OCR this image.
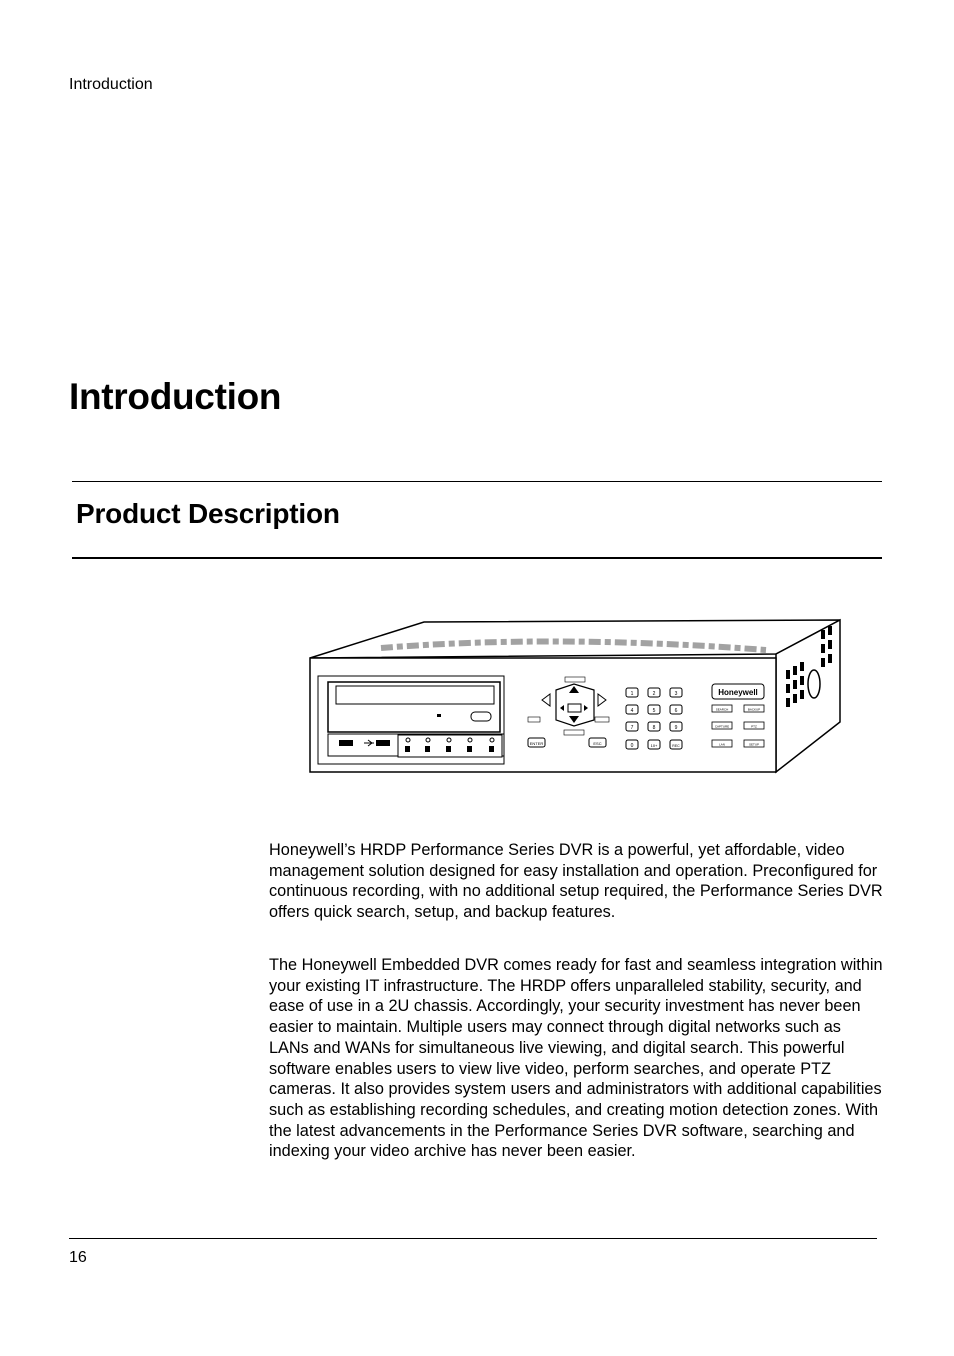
Introduction
Introduction
Product Description
ENTER	ESC
1	2	3
4	5	6
7	8	9
0	10+	REC
Honeywell
SEARCH	BACKUP
CAPTURE	PTZ
LAN	SETUP

Honeywell’s HRDP Performance Series DVR is a powerful, yet affordable, video management solution designed for easy installation and operation. Preconfigured for continuous recording, with no additional setup required, the Performance Series DVR offers quick search, setup, and backup features.

The Honeywell Embedded DVR comes ready for fast and seamless integration within your existing IT infrastructure. The HRDP offers unparalleled stability, security, and ease of use in a 2U chassis. Accordingly, your security investment has never been easier to maintain. Multiple users may connect through digital networks such as LANs and WANs for simultaneous live viewing, and digital search. This powerful software enables users to view live video, perform searches, and operate PTZ cameras. It also provides system users and administrators with additional capabilities such as establishing recording schedules, and creating motion detection zones. With the latest advancements in the Performance Series DVR software, searching and indexing your video archive has never been easier.

16
